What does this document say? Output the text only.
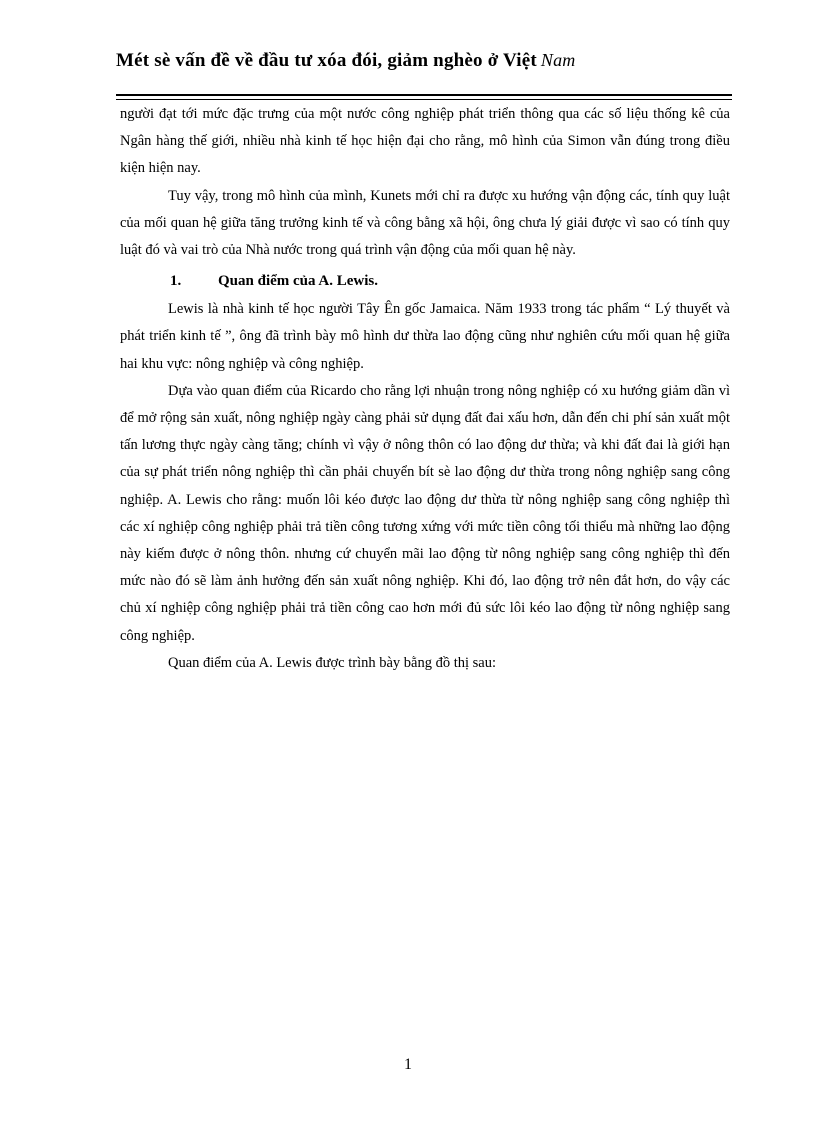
Mét sè vấn đề về đầu tư xóa đói, giảm nghèo ở Việt Nam

người đạt tới mức đặc trưng của một nước công nghiệp phát triển thông qua các số liệu thống kê của Ngân hàng thế giới, nhiều nhà kinh tế học hiện đại cho rằng, mô hình của Simon vẫn đúng trong điều kiện hiện nay.

Tuy vậy, trong mô hình của mình, Kunets mới chỉ ra được xu hướng vận động các, tính quy luật của mối quan hệ giữa tăng trưởng kinh tế và công bằng xã hội, ông chưa lý giải được vì sao có tính quy luật đó và vai trò của Nhà nước trong quá trình vận động của mối quan hệ này.

1.	Quan điểm của A. Lewis.

Lewis là nhà kinh tế học người Tây Ên gốc Jamaica. Năm 1933 trong tác phẩm “ Lý thuyết và phát triển kinh tế ”, ông đã trình bày mô hình dư thừa lao động cũng như nghiên cứu mối quan hệ giữa hai khu vực: nông nghiệp và công nghiệp.

Dựa vào quan điểm của Ricardo cho rằng lợi nhuận trong nông nghiệp có xu hướng giảm dần vì để mở rộng sản xuất, nông nghiệp ngày càng phải sử dụng đất đai xấu hơn, dẫn đến chi phí sản xuất một tấn lương thực ngày càng tăng; chính vì vậy ở nông thôn có lao động dư thừa; và khi đất đai là giới hạn của sự phát triển nông nghiệp thì cần phải chuyển bít sè lao động dư thừa trong nông nghiệp sang công nghiệp. A. Lewis cho rằng: muốn lôi kéo được lao động dư thừa từ nông nghiệp sang công nghiệp thì các xí nghiệp công nghiệp phải trả tiền công tương xứng với mức tiền công tối thiểu mà những lao động này kiếm được ở nông thôn. nhưng cứ chuyển mãi lao động từ nông nghiệp sang công nghiệp thì đến mức nào đó sẽ làm ảnh hưởng đến sản xuất nông nghiệp. Khi đó, lao động trở nên đắt hơn, do vậy các chủ xí nghiệp công nghiệp phải trả tiền công cao hơn mới đủ sức lôi kéo lao động từ nông nghiệp sang công nghiệp.

Quan điểm của A. Lewis được trình bày bằng đồ thị sau:

1
